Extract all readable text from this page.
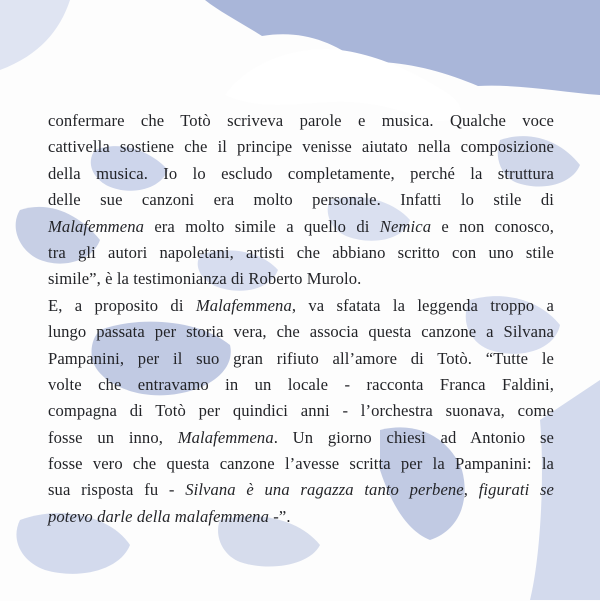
confermare che Totò scriveva parole e musica. Qualche voce
cattivella sostiene che il principe venisse aiutato nella composizione
della musica. Io lo escludo completamente, perché la struttura
delle sue canzoni era molto personale. Infatti lo stile di
Malafemmena era molto simile a quello di Nemica e non conosco,
tra gli autori napoletani, artisti che abbiano scritto con uno stile
simile”, è la testimonianza di Roberto Murolo.
E, a proposito di Malafemmena, va sfatata la leggenda troppo a
lungo passata per storia vera, che associa questa canzone a Silvana
Pampanini, per il suo gran rifiuto all’amore di Totò. “Tutte le
volte che entravamo in un locale - racconta Franca Faldini,
compagna di Totò per quindici anni - l’orchestra suonava, come
fosse un inno, Malafemmena. Un giorno chiesi ad Antonio se
fosse vero che questa canzone l’avesse scritta per la Pampanini: la
sua risposta fu - Silvana è una ragazza tanto perbene, figurati se
potevo darle della malafemmena -”.
